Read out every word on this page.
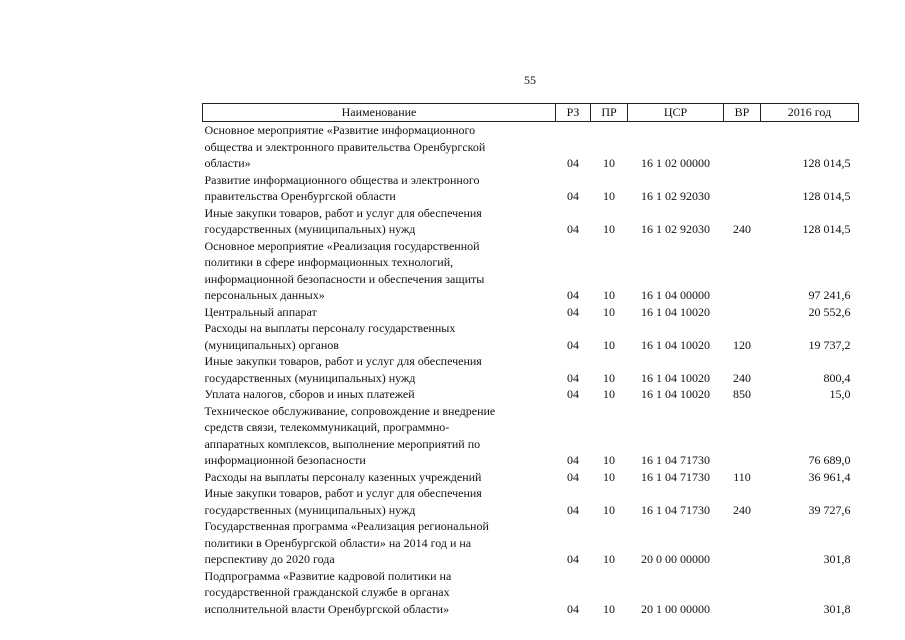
55
Наименование	РЗ	ПР	ЦСР	ВР	2016 год
Основное мероприятие «Развитие информационного общества и электронного правительства Оренбургской области»	04	10	16 1 02 00000		128 014,5
Развитие информационного общества и электронного правительства Оренбургской области	04	10	16 1 02 92030		128 014,5
Иные закупки товаров, работ и услуг для обеспечения государственных (муниципальных) нужд	04	10	16 1 02 92030	240	128 014,5
Основное мероприятие «Реализация государственной политики в сфере информационных технологий, информационной безопасности и обеспечения защиты персональных данных»	04	10	16 1 04 00000		97 241,6
Центральный аппарат	04	10	16 1 04 10020		20 552,6
Расходы на выплаты персоналу государственных (муниципальных) органов	04	10	16 1 04 10020	120	19 737,2
Иные закупки товаров, работ и услуг для обеспечения государственных (муниципальных) нужд	04	10	16 1 04 10020	240	800,4
Уплата налогов, сборов и иных платежей	04	10	16 1 04 10020	850	15,0
Техническое обслуживание, сопровождение и внедрение средств связи, телекоммуникаций, программно-аппаратных комплексов, выполнение мероприятий по информационной безопасности	04	10	16 1 04 71730		76 689,0
Расходы на выплаты персоналу казенных учреждений	04	10	16 1 04 71730	110	36 961,4
Иные закупки товаров, работ и услуг для обеспечения государственных (муниципальных) нужд	04	10	16 1 04 71730	240	39 727,6
Государственная программа «Реализация региональной политики в Оренбургской области» на 2014 год и на перспективу до 2020 года	04	10	20 0 00 00000		301,8
Подпрограмма «Развитие кадровой политики на государственной гражданской службе в органах исполнительной власти Оренбургской области»	04	10	20 1 00 00000		301,8
